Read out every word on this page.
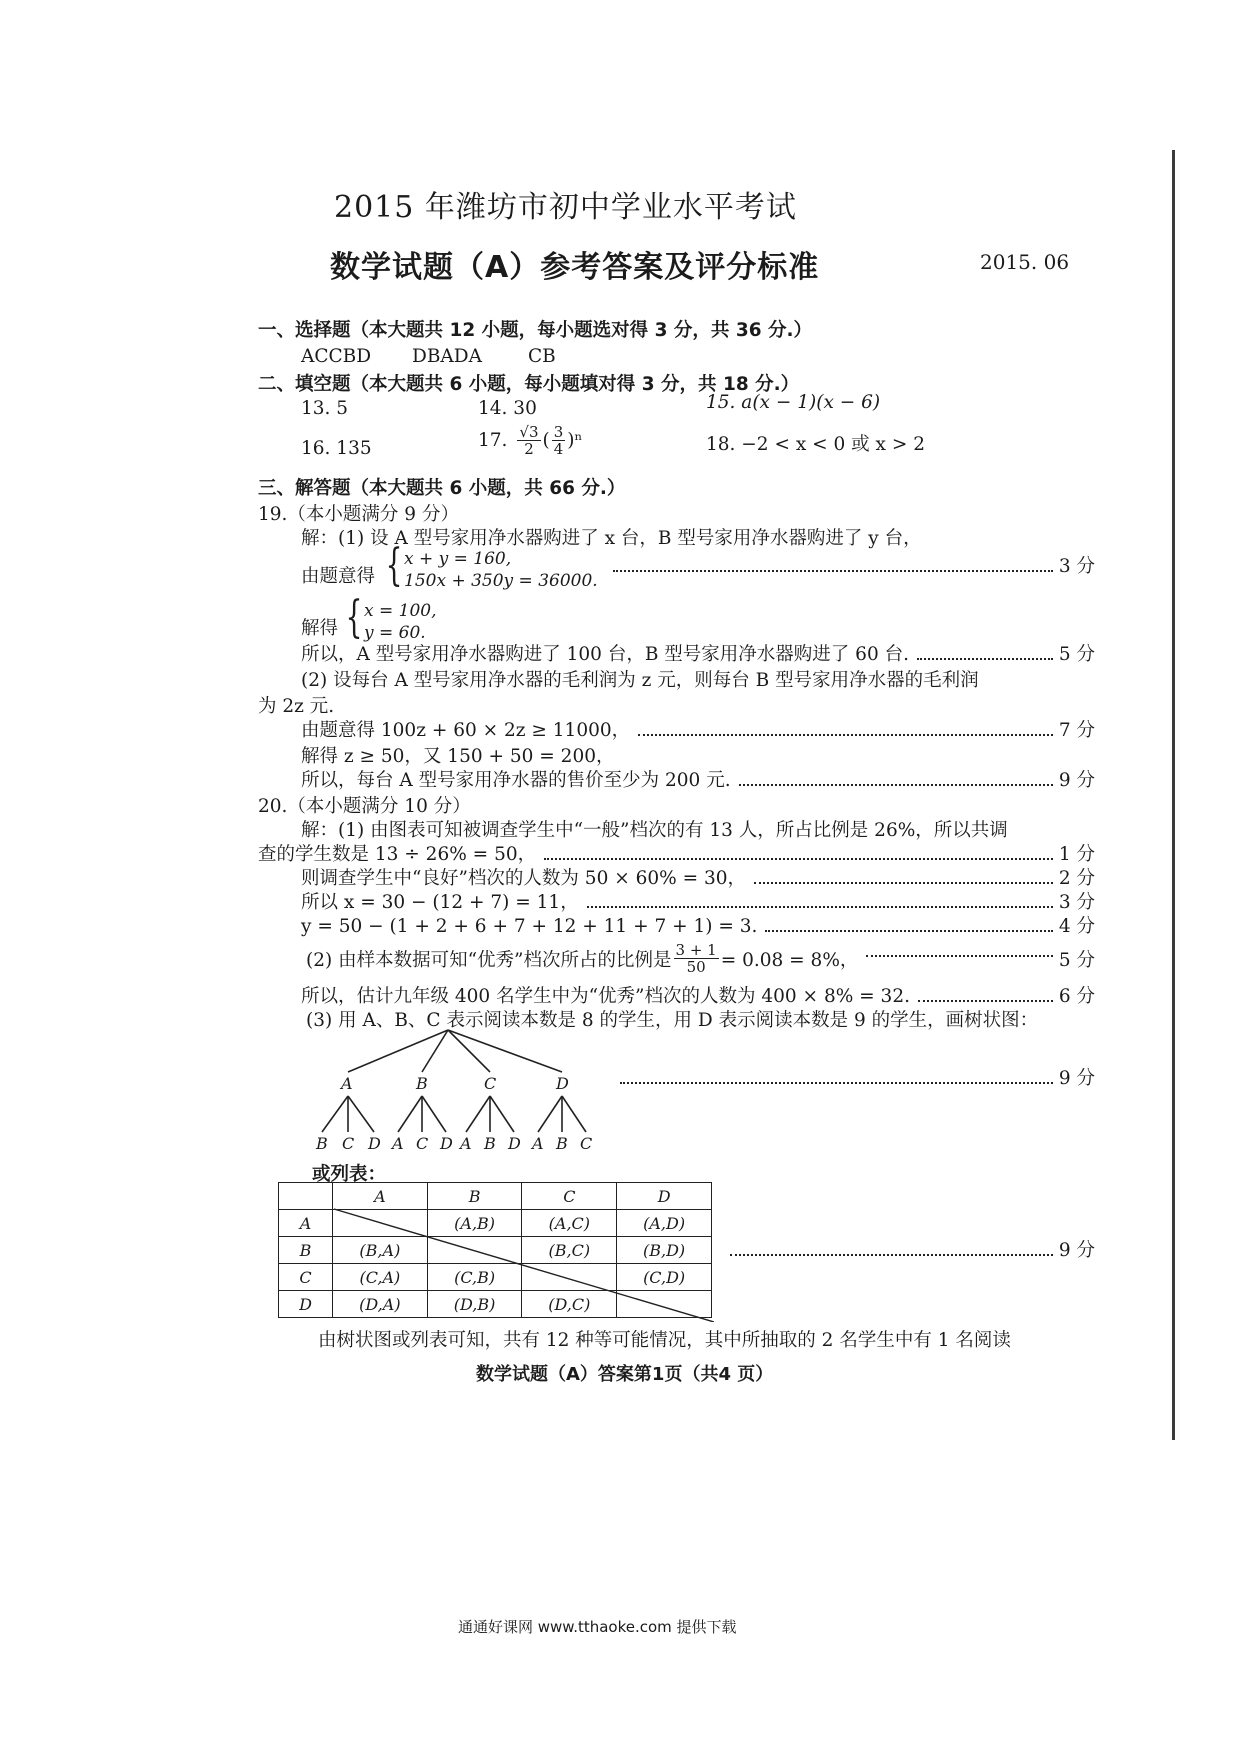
2015 年潍坊市初中学业水平考试
数学试题（A）参考答案及评分标准	2015. 06
一、选择题（本大题共 12 小题，每小题选对得 3 分，共 36 分.）
ACCBD DBADA CB
二、填空题（本大题共 6 小题，每小题填对得 3 分，共 18 分.）
13. 5	14. 30	15. a(x − 1)(x − 6)
16. 135	17. $\frac{√3}{2}$ ( $\frac{3}{4} )^n$	18. −2 < x < 0 或 x > 2
三、解答题（本大题共 6 小题，共 66 分.）
19.（本小题满分 9 分）
解：(1) 设 A 型号家用净水器购进了 x 台，B 型号家用净水器购进了 y 台，
由题意得 { x + y = 160,
150x + 350y = 36000.
3 分
解得 { x = 100,
y = 60.
所以，A 型号家用净水器购进了 100 台，B 型号家用净水器购进了 60 台.	5 分
(2) 设每台 A 型号家用净水器的毛利润为 z 元，则每台 B 型号家用净水器的毛利润
为 2z 元.
由题意得 100z + 60 × 2z ≥ 11000，	7 分
解得 z ≥ 50，又 150 + 50 = 200，
所以，每台 A 型号家用净水器的售价至少为 200 元.	9 分
20.（本小题满分 10 分）
解：(1) 由图表可知被调查学生中“一般”档次的有 13 人，所占比例是 26%，所以共调
查的学生数是 13 ÷ 26% = 50，	1 分
则调查学生中“良好”档次的人数为 50 × 60% = 30，	2 分
所以 x = 30 − (12 + 7) = 11，	3 分
y = 50 − (1 + 2 + 6 + 7 + 12 + 11 + 7 + 1) = 3.	4 分
(2) 由样本数据可知“优秀”档次所占的比例是 $\frac{3 + 1}{50} = 0.08 = 8\%$，	5 分
所以，估计九年级 400 名学生中为“优秀”档次的人数为 400 × 8% = 32.	6 分
(3) 用 A、B、C 表示阅读本数是 8 的学生，用 D 表示阅读本数是 9 的学生，画树状图：
A	B	C	D
B C D A C D A B D A B C
9 分
或列表：
	A	B	C	D
A		(A,B)	(A,C)	(A,D)
B	(B,A)		(B,C)	(B,D)
C	(C,A)	(C,B)		(C,D)
D	(D,A)	(D,B)	(D,C)	
9 分
由树状图或列表可知，共有 12 种等可能情况，其中所抽取的 2 名学生中有 1 名阅读
数学试题（A）答案第1页（共4 页）
通通好课网 www.tthaoke.com 提供下载
